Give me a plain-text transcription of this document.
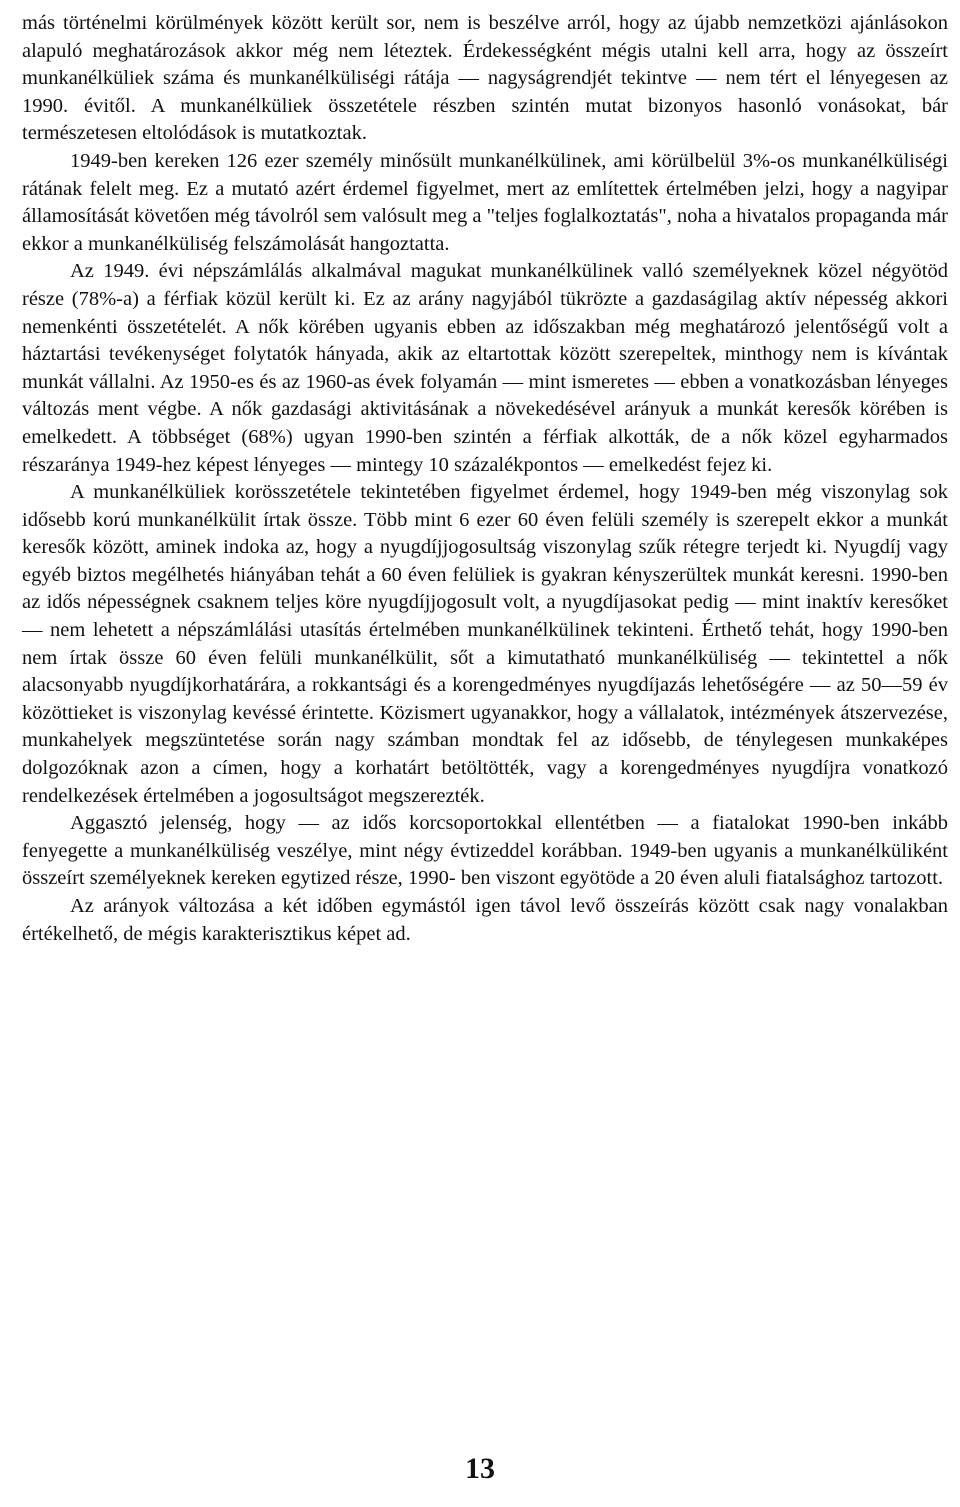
más történelmi körülmények között került sor, nem is beszélve arról, hogy az újabb nemzetközi ajánlásokon alapuló meghatározások akkor még nem léteztek. Érdekességként mégis utalni kell arra, hogy az összeírt munkanélküliek száma és munkanélküliségi rátája — nagyságrendjét tekintve — nem tért el lényegesen az 1990. évitől. A munkanélküliek összetétele részben szintén mutat bizonyos hasonló vonásokat, bár természetesen eltolódások is mutatkoztak.

1949-ben kereken 126 ezer személy minősült munkanélkülinek, ami körülbelül 3%-os munkanélküliségi rátának felelt meg. Ez a mutató azért érdemel figyelmet, mert az említettek értelmében jelzi, hogy a nagyipar államosítását követően még távolról sem valósult meg a "teljes foglalkoztatás", noha a hivatalos propaganda már ekkor a munkanélküliség felszámolását hangoztatta.

Az 1949. évi népszámlálás alkalmával magukat munkanélkülinek valló személyeknek közel négyötöd része (78%-a) a férfiak közül került ki. Ez az arány nagyjából tükrözte a gazdaságilag aktív népesség akkori nemenkénti összetételét. A nők körében ugyanis ebben az időszakban még meghatározó jelentőségű volt a háztartási tevékenységet folytatók hányada, akik az eltartottak között szerepeltek, minthogy nem is kívántak munkát vállalni. Az 1950-es és az 1960-as évek folyamán — mint ismeretes — ebben a vonatkozásban lényeges változás ment végbe. A nők gazdasági aktivitásának a növekedésével arányuk a munkát keresők körében is emelkedett. A többséget (68%) ugyan 1990-ben szintén a férfiak alkották, de a nők közel egyharmados részaránya 1949-hez képest lényeges — mintegy 10 százalékpontos — emelkedést fejez ki.

A munkanélküliek korösszetétele tekintetében figyelmet érdemel, hogy 1949-ben még viszonylag sok idősebb korú munkanélkülit írtak össze. Több mint 6 ezer 60 éven felüli személy is szerepelt ekkor a munkát keresők között, aminek indoka az, hogy a nyugdíjjogosultság viszonylag szűk rétegre terjedt ki. Nyugdíj vagy egyéb biztos megélhetés hiányában tehát a 60 éven felüliek is gyakran kényszerültek munkát keresni. 1990-ben az idős népességnek csaknem teljes köre nyugdíjjogosult volt, a nyugdíjasokat pedig — mint inaktív keresőket — nem lehetett a népszámlálási utasítás értelmében munkanélkülinek tekinteni. Érthető tehát, hogy 1990-ben nem írtak össze 60 éven felüli munkanélkülit, sőt a kimutatható munkanélküliség — tekintettel a nők alacsonyabb nyugdíjkorhatárára, a rokkantsági és a korengedményes nyugdíjazás lehetőségére — az 50—59 év közöttieket is viszonylag kevéssé érintette. Közismert ugyanakkor, hogy a vállalatok, intézmények átszervezése, munkahelyek megszüntetése során nagy számban mondtak fel az idősebb, de ténylegesen munkaképes dolgozóknak azon a címen, hogy a korhatárt betöltötték, vagy a korengedményes nyugdíjra vonatkozó rendelkezések értelmében a jogosultságot megszerezték.

Aggasztó jelenség, hogy — az idős korcsoportokkal ellentétben — a fiatalokat 1990-ben inkább fenyegette a munkanélküliség veszélye, mint négy évtizeddel korábban. 1949-ben ugyanis a munkanélküliként összeírt személyeknek kereken egytized része, 1990- ben viszont egyötöde a 20 éven aluli fiatalsághoz tartozott.

Az arányok változása a két időben egymástól igen távol levő összeírás között csak nagy vonalakban értékelhető, de mégis karakterisztikus képet ad.

13
